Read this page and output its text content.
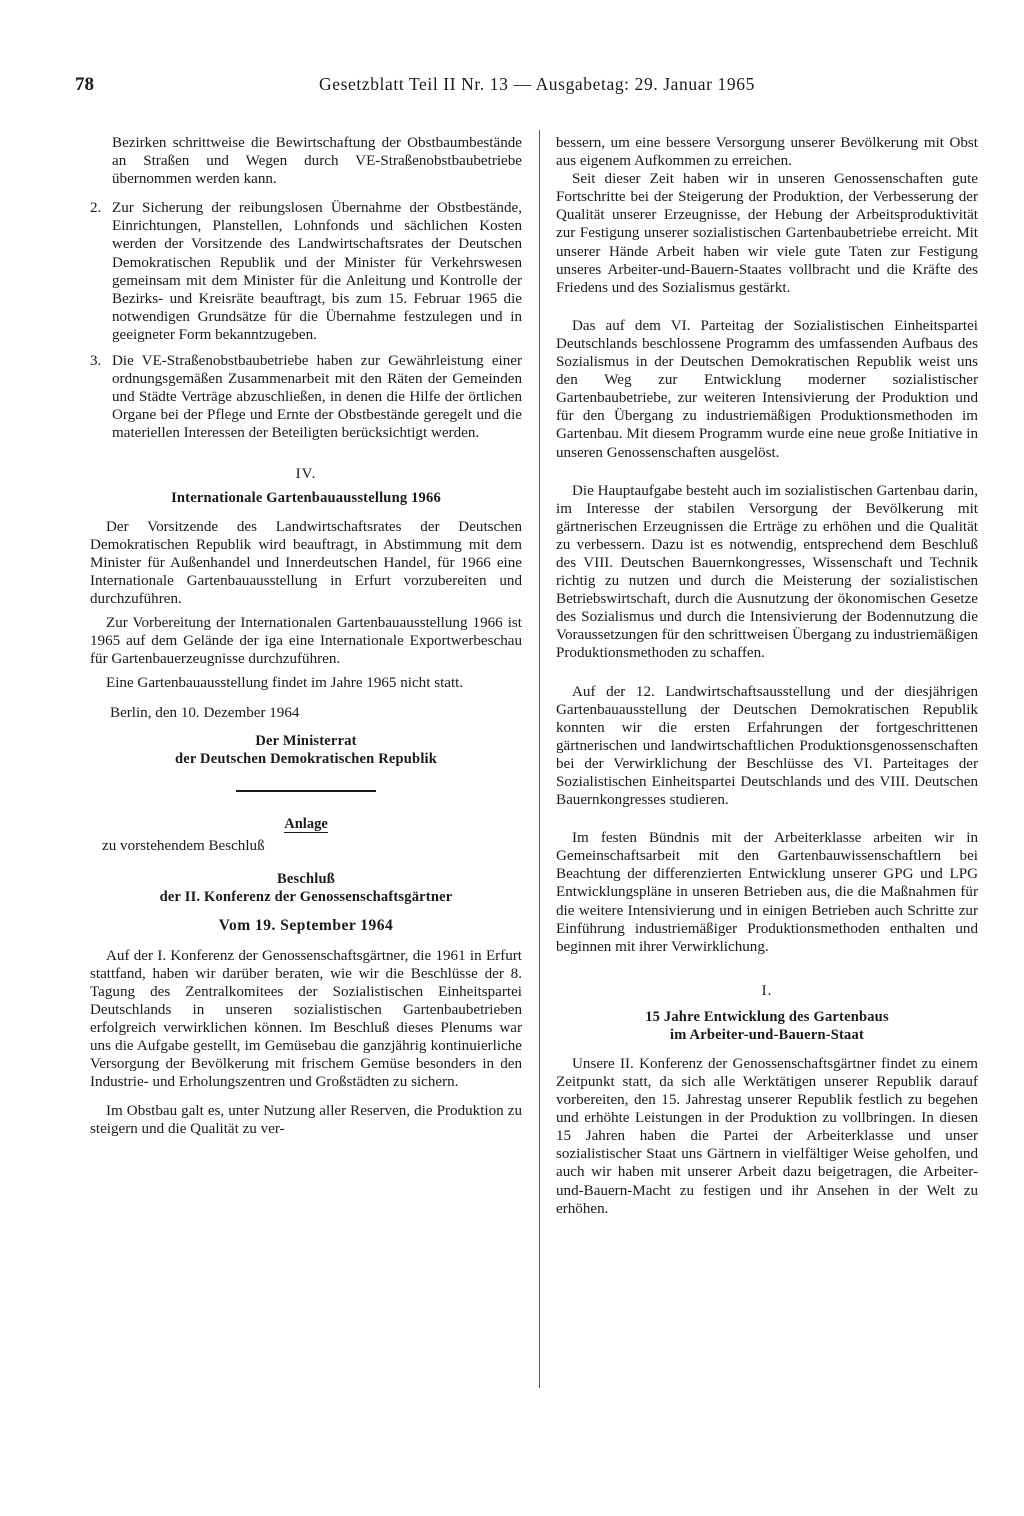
78	Gesetzblatt Teil II Nr. 13 — Ausgabetag: 29. Januar 1965

Bezirken schrittweise die Bewirtschaftung der Obstbaumbestände an Straßen und Wegen durch VE-Straßenobstbaubetriebe übernommen werden kann.

2. Zur Sicherung der reibungslosen Übernahme der Obstbestände, Einrichtungen, Planstellen, Lohnfonds und sächlichen Kosten werden der Vorsitzende des Landwirtschaftsrates der Deutschen Demokratischen Republik und der Minister für Verkehrswesen gemeinsam mit dem Minister für die Anleitung und Kontrolle der Bezirks- und Kreisräte beauftragt, bis zum 15. Februar 1965 die notwendigen Grundsätze für die Übernahme festzulegen und in geeigneter Form bekanntzugeben.
3. Die VE-Straßenobstbaubetriebe haben zur Gewährleistung einer ordnungsgemäßen Zusammenarbeit mit den Räten der Gemeinden und Städte Verträge abzuschließen, in denen die Hilfe der örtlichen Organe bei der Pflege und Ernte der Obstbestände geregelt und die materiellen Interessen der Beteiligten berücksichtigt werden.
IV.
Internationale Gartenbauausstellung 1966

Der Vorsitzende des Landwirtschaftsrates der Deutschen Demokratischen Republik wird beauftragt, in Abstimmung mit dem Minister für Außenhandel und Innerdeutschen Handel, für 1966 eine Internationale Gartenbauausstellung in Erfurt vorzubereiten und durchzuführen.

Zur Vorbereitung der Internationalen Gartenbauausstellung 1966 ist 1965 auf dem Gelände der iga eine Internationale Exportwerbeschau für Gartenbauerzeugnisse durchzuführen.

Eine Gartenbauausstellung findet im Jahre 1965 nicht statt.

Berlin, den 10. Dezember 1964
Der Ministerrat
der Deutschen Demokratischen Republik
Anlage
zu vorstehendem Beschluß
Beschluß
der II. Konferenz der Genossenschaftsgärtner
Vom 19. September 1964

Auf der I. Konferenz der Genossenschaftsgärtner, die 1961 in Erfurt stattfand, haben wir darüber beraten, wie wir die Beschlüsse der 8. Tagung des Zentralkomitees der Sozialistischen Einheitspartei Deutschlands in unseren sozialistischen Gartenbaubetrieben erfolgreich verwirklichen können. Im Beschluß dieses Plenums war uns die Aufgabe gestellt, im Gemüsebau die ganzjährig kontinuierliche Versorgung der Bevölkerung mit frischem Gemüse besonders in den Industrie- und Erholungszentren und Großstädten zu sichern.

Im Obstbau galt es, unter Nutzung aller Reserven, die Produktion zu steigern und die Qualität zu ver-

bessern, um eine bessere Versorgung unserer Bevölkerung mit Obst aus eigenem Aufkommen zu erreichen.

Seit dieser Zeit haben wir in unseren Genossenschaften gute Fortschritte bei der Steigerung der Produktion, der Verbesserung der Qualität unserer Erzeugnisse, der Hebung der Arbeitsproduktivität zur Festigung unserer sozialistischen Gartenbaubetriebe erreicht. Mit unserer Hände Arbeit haben wir viele gute Taten zur Festigung unseres Arbeiter-und-Bauern-Staates vollbracht und die Kräfte des Friedens und des Sozialismus gestärkt.

Das auf dem VI. Parteitag der Sozialistischen Einheitspartei Deutschlands beschlossene Programm des umfassenden Aufbaus des Sozialismus in der Deutschen Demokratischen Republik weist uns den Weg zur Entwicklung moderner sozialistischer Gartenbaubetriebe, zur weiteren Intensivierung der Produktion und für den Übergang zu industriemäßigen Produktionsmethoden im Gartenbau. Mit diesem Programm wurde eine neue große Initiative in unseren Genossenschaften ausgelöst.

Die Hauptaufgabe besteht auch im sozialistischen Gartenbau darin, im Interesse der stabilen Versorgung der Bevölkerung mit gärtnerischen Erzeugnissen die Erträge zu erhöhen und die Qualität zu verbessern. Dazu ist es notwendig, entsprechend dem Beschluß des VIII. Deutschen Bauernkongresses, Wissenschaft und Technik richtig zu nutzen und durch die Meisterung der sozialistischen Betriebswirtschaft, durch die Ausnutzung der ökonomischen Gesetze des Sozialismus und durch die Intensivierung der Bodennutzung die Voraussetzungen für den schrittweisen Übergang zu industriemäßigen Produktionsmethoden zu schaffen.

Auf der 12. Landwirtschaftsausstellung und der diesjährigen Gartenbauausstellung der Deutschen Demokratischen Republik konnten wir die ersten Erfahrungen der fortgeschrittenen gärtnerischen und landwirtschaftlichen Produktionsgenossenschaften bei der Verwirklichung der Beschlüsse des VI. Parteitages der Sozialistischen Einheitspartei Deutschlands und des VIII. Deutschen Bauernkongresses studieren.

Im festen Bündnis mit der Arbeiterklasse arbeiten wir in Gemeinschaftsarbeit mit den Gartenbauwissenschaftlern bei Beachtung der differenzierten Entwicklung unserer GPG und LPG Entwicklungspläne in unseren Betrieben aus, die die Maßnahmen für die weitere Intensivierung und in einigen Betrieben auch Schritte zur Einführung industriemäßiger Produktionsmethoden enthalten und beginnen mit ihrer Verwirklichung.

I.
15 Jahre Entwicklung des Gartenbaus
im Arbeiter-und-Bauern-Staat

Unsere II. Konferenz der Genossenschaftsgärtner findet zu einem Zeitpunkt statt, da sich alle Werktätigen unserer Republik darauf vorbereiten, den 15. Jahrestag unserer Republik festlich zu begehen und erhöhte Leistungen in der Produktion zu vollbringen. In diesen 15 Jahren haben die Partei der Arbeiterklasse und unser sozialistischer Staat uns Gärtnern in vielfältiger Weise geholfen, und auch wir haben mit unserer Arbeit dazu beigetragen, die Arbeiter-und-Bauern-Macht zu festigen und ihr Ansehen in der Welt zu erhöhen.
